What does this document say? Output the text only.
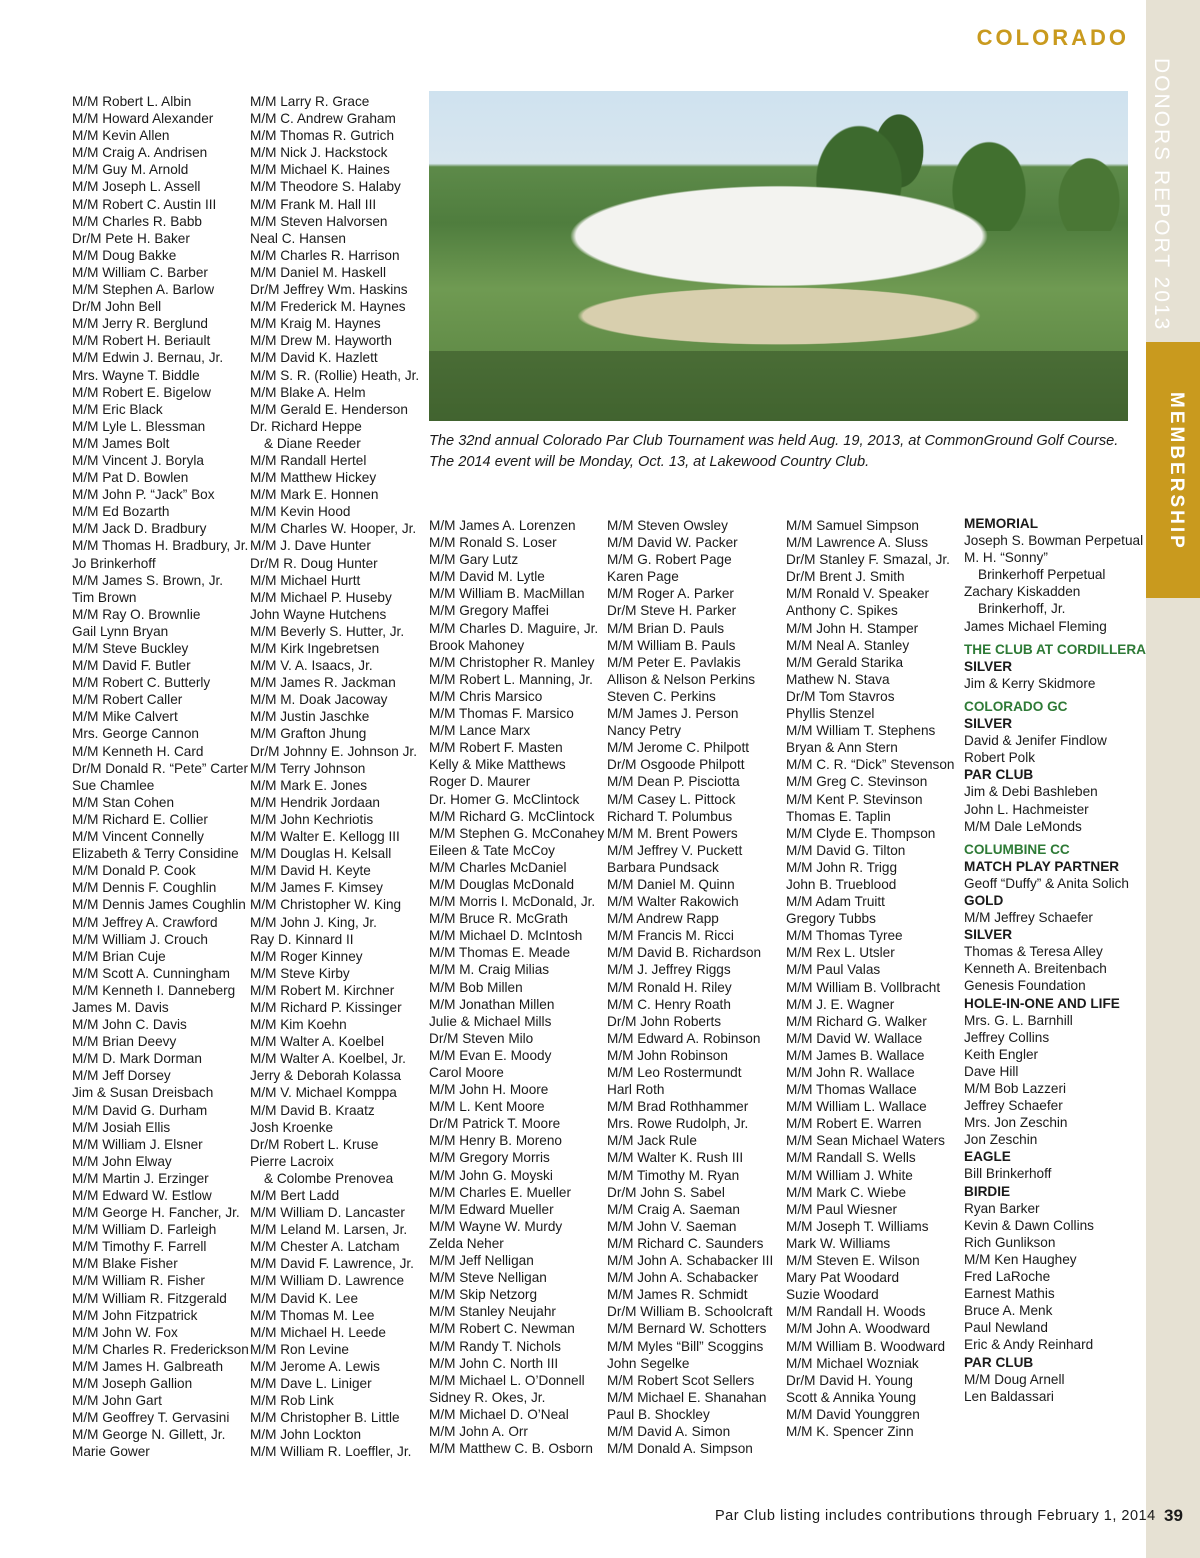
DONORS REPORT 2013
MEMBERSHIP
COLORADO
M/M Robert L. Albin
M/M Howard Alexander
M/M Kevin Allen
M/M Craig A. Andrisen
M/M Guy M. Arnold
M/M Joseph L. Assell
M/M Robert C. Austin III
M/M Charles R. Babb
Dr/M Pete H. Baker
M/M Doug Bakke
M/M William C. Barber
M/M Stephen A. Barlow
Dr/M John Bell
M/M Jerry R. Berglund
M/M Robert H. Beriault
M/M Edwin J. Bernau, Jr.
Mrs. Wayne T. Biddle
M/M Robert E. Bigelow
M/M Eric Black
M/M Lyle L. Blessman
M/M James Bolt
M/M Vincent J. Boryla
M/M Pat D. Bowlen
M/M John P. “Jack” Box
M/M Ed Bozarth
M/M Jack D. Bradbury
M/M Thomas H. Bradbury, Jr.
Jo Brinkerhoff
M/M James S. Brown, Jr.
Tim Brown
M/M Ray O. Brownlie
Gail Lynn Bryan
M/M Steve Buckley
M/M David F. Butler
M/M Robert C. Butterly
M/M Robert Caller
M/M Mike Calvert
Mrs. George Cannon
M/M Kenneth H. Card
Dr/M Donald R. “Pete” Carter
Sue Chamlee
M/M Stan Cohen
M/M Richard E. Collier
M/M Vincent Connelly
Elizabeth & Terry Considine
M/M Donald P. Cook
M/M Dennis F. Coughlin
M/M Dennis James Coughlin
M/M Jeffrey A. Crawford
M/M William J. Crouch
M/M Brian Cuje
M/M Scott A. Cunningham
M/M Kenneth I. Danneberg
James M. Davis
M/M John C. Davis
M/M Brian Deevy
M/M D. Mark Dorman
M/M Jeff Dorsey
Jim & Susan Dreisbach
M/M David G. Durham
M/M Josiah Ellis
M/M William J. Elsner
M/M John Elway
M/M Martin J. Erzinger
M/M Edward W. Estlow
M/M George H. Fancher, Jr.
M/M William D. Farleigh
M/M Timothy F. Farrell
M/M Blake Fisher
M/M William R. Fisher
M/M William R. Fitzgerald
M/M John Fitzpatrick
M/M John W. Fox
M/M Charles R. Frederickson
M/M James H. Galbreath
M/M Joseph Gallion
M/M John Gart
M/M Geoffrey T. Gervasini
M/M George N. Gillett, Jr.
Marie Gower
M/M Larry R. Grace
M/M C. Andrew Graham
M/M Thomas R. Gutrich
M/M Nick J. Hackstock
M/M Michael K. Haines
M/M Theodore S. Halaby
M/M Frank M. Hall III
M/M Steven Halvorsen
Neal C. Hansen
M/M Charles R. Harrison
M/M Daniel M. Haskell
Dr/M Jeffrey Wm. Haskins
M/M Frederick M. Haynes
M/M Kraig M. Haynes
M/M Drew M. Hayworth
M/M David K. Hazlett
M/M S. R. (Rollie) Heath, Jr.
M/M Blake A. Helm
M/M Gerald E. Henderson
Dr. Richard Heppe
& Diane Reeder
M/M Randall Hertel
M/M Matthew Hickey
M/M Mark E. Honnen
M/M Kevin Hood
M/M Charles W. Hooper, Jr.
M/M J. Dave Hunter
Dr/M R. Doug Hunter
M/M Michael Hurtt
M/M Michael P. Huseby
John Wayne Hutchens
M/M Beverly S. Hutter, Jr.
M/M Kirk Ingebretsen
M/M V. A. Isaacs, Jr.
M/M James R. Jackman
M/M M. Doak Jacoway
M/M Justin Jaschke
M/M Grafton Jhung
Dr/M Johnny E. Johnson Jr.
M/M Terry Johnson
M/M Mark E. Jones
M/M Hendrik Jordaan
M/M John Kechriotis
M/M Walter E. Kellogg III
M/M Douglas H. Kelsall
M/M David H. Keyte
M/M James F. Kimsey
M/M Christopher W. King
M/M John J. King, Jr.
Ray D. Kinnard II
M/M Roger Kinney
M/M Steve Kirby
M/M Robert M. Kirchner
M/M Richard P. Kissinger
M/M Kim Koehn
M/M Walter A. Koelbel
M/M Walter A. Koelbel, Jr.
Jerry & Deborah Kolassa
M/M V. Michael Komppa
M/M David B. Kraatz
Josh Kroenke
Dr/M Robert L. Kruse
Pierre Lacroix
& Colombe Prenovea
M/M Bert Ladd
M/M William D. Lancaster
M/M Leland M. Larsen, Jr.
M/M Chester A. Latcham
M/M David F. Lawrence, Jr.
M/M William D. Lawrence
M/M David K. Lee
M/M Thomas M. Lee
M/M Michael H. Leede
M/M Ron Levine
M/M Jerome A. Lewis
M/M Dave L. Liniger
M/M Rob Link
M/M Christopher B. Little
M/M John Lockton
M/M William R. Loeffler, Jr.
The 32nd annual Colorado Par Club Tournament was held Aug. 19, 2013, at CommonGround Golf Course. The 2014 event will be Monday, Oct. 13, at Lakewood Country Club.
M/M James A. Lorenzen
M/M Ronald S. Loser
M/M Gary Lutz
M/M David M. Lytle
M/M William B. MacMillan
M/M Gregory Maffei
M/M Charles D. Maguire, Jr.
Brook Mahoney
M/M Christopher R. Manley
M/M Robert L. Manning, Jr.
M/M Chris Marsico
M/M Thomas F. Marsico
M/M Lance Marx
M/M Robert F. Masten
Kelly & Mike Matthews
Roger D. Maurer
Dr. Homer G. McClintock
M/M Richard G. McClintock
M/M Stephen G. McConahey
Eileen & Tate McCoy
M/M Charles McDaniel
M/M Douglas McDonald
M/M Morris I. McDonald, Jr.
M/M Bruce R. McGrath
M/M Michael D. McIntosh
M/M Thomas E. Meade
M/M M. Craig Milias
M/M Bob Millen
M/M Jonathan Millen
Julie & Michael Mills
Dr/M Steven Milo
M/M Evan E. Moody
Carol Moore
M/M John H. Moore
M/M L. Kent Moore
Dr/M Patrick T. Moore
M/M Henry B. Moreno
M/M Gregory Morris
M/M John G. Moyski
M/M Charles E. Mueller
M/M Edward Mueller
M/M Wayne W. Murdy
Zelda Neher
M/M Jeff Nelligan
M/M Steve Nelligan
M/M Skip Netzorg
M/M Stanley Neujahr
M/M Robert C. Newman
M/M Randy T. Nichols
M/M John C. North III
M/M Michael L. O’Donnell
Sidney R. Okes, Jr.
M/M Michael D. O’Neal
M/M John A. Orr
M/M Matthew C. B. Osborn
M/M Steven Owsley
M/M David W. Packer
M/M G. Robert Page
Karen Page
M/M Roger A. Parker
Dr/M Steve H. Parker
M/M Brian D. Pauls
M/M William B. Pauls
M/M Peter E. Pavlakis
Allison & Nelson Perkins
Steven C. Perkins
M/M James J. Person
Nancy Petry
M/M Jerome C. Philpott
Dr/M Osgoode Philpott
M/M Dean P. Pisciotta
M/M Casey L. Pittock
Richard T. Polumbus
M/M M. Brent Powers
M/M Jeffrey V. Puckett
Barbara Pundsack
M/M Daniel M. Quinn
M/M Walter Rakowich
M/M Andrew Rapp
M/M Francis M. Ricci
M/M David B. Richardson
M/M J. Jeffrey Riggs
M/M Ronald H. Riley
M/M C. Henry Roath
Dr/M John Roberts
M/M Edward A. Robinson
M/M John Robinson
M/M Leo Rostermundt
Harl Roth
M/M Brad Rothhammer
Mrs. Rowe Rudolph, Jr.
M/M Jack Rule
M/M Walter K. Rush III
M/M Timothy M. Ryan
Dr/M John S. Sabel
M/M Craig A. Saeman
M/M John V. Saeman
M/M Richard C. Saunders
M/M John A. Schabacker III
M/M John A. Schabacker
M/M James R. Schmidt
Dr/M William B. Schoolcraft
M/M Bernard W. Schotters
M/M Myles “Bill” Scoggins
John Segelke
M/M Robert Scot Sellers
M/M Michael E. Shanahan
Paul B. Shockley
M/M David A. Simon
M/M Donald A. Simpson
M/M Samuel Simpson
M/M Lawrence A. Sluss
Dr/M Stanley F. Smazal, Jr.
Dr/M Brent J. Smith
M/M Ronald V. Speaker
Anthony C. Spikes
M/M John H. Stamper
M/M Neal A. Stanley
M/M Gerald Starika
Mathew N. Stava
Dr/M Tom Stavros
Phyllis Stenzel
M/M William T. Stephens
Bryan & Ann Stern
M/M C. R. “Dick” Stevenson
M/M Greg C. Stevinson
M/M Kent P. Stevinson
Thomas E. Taplin
M/M Clyde E. Thompson
M/M David G. Tilton
M/M John R. Trigg
John B. Trueblood
M/M Adam Truitt
Gregory Tubbs
M/M Thomas Tyree
M/M Rex L. Utsler
M/M Paul Valas
M/M William B. Vollbracht
M/M J. E. Wagner
M/M Richard G. Walker
M/M David W. Wallace
M/M James B. Wallace
M/M John R. Wallace
M/M Thomas Wallace
M/M William L. Wallace
M/M Robert E. Warren
M/M Sean Michael Waters
M/M Randall S. Wells
M/M William J. White
M/M Mark C. Wiebe
M/M Paul Wiesner
M/M Joseph T. Williams
Mark W. Williams
M/M Steven E. Wilson
Mary Pat Woodard
Suzie Woodard
M/M Randall H. Woods
M/M John A. Woodward
M/M William B. Woodward
M/M Michael Wozniak
Dr/M David H. Young
Scott & Annika Young
M/M David Younggren
M/M K. Spencer Zinn
MEMORIAL
Joseph S. Bowman Perpetual
M. H. “Sonny”
Brinkerhoff Perpetual
Zachary Kiskadden
Brinkerhoff, Jr.
James Michael Fleming
THE CLUB AT CORDILLERA
SILVER
Jim & Kerry Skidmore
COLORADO GC
SILVER
David & Jenifer Findlow
Robert Polk
PAR CLUB
Jim & Debi Bashleben
John L. Hachmeister
M/M Dale LeMonds
COLUMBINE CC
MATCH PLAY PARTNER
Geoff “Duffy” & Anita Solich
GOLD
M/M Jeffrey Schaefer
SILVER
Thomas & Teresa Alley
Kenneth A. Breitenbach
Genesis Foundation
HOLE-IN-ONE AND LIFE
Mrs. G. L. Barnhill
Jeffrey Collins
Keith Engler
Dave Hill
M/M Bob Lazzeri
Jeffrey Schaefer
Mrs. Jon Zeschin
Jon Zeschin
EAGLE
Bill Brinkerhoff
BIRDIE
Ryan Barker
Kevin & Dawn Collins
Rich Gunlikson
M/M Ken Haughey
Fred LaRoche
Earnest Mathis
Bruce A. Menk
Paul Newland
Eric & Andy Reinhard
PAR CLUB
M/M Doug Arnell
Len Baldassari
Par Club listing includes contributions through February 1, 2014 39
